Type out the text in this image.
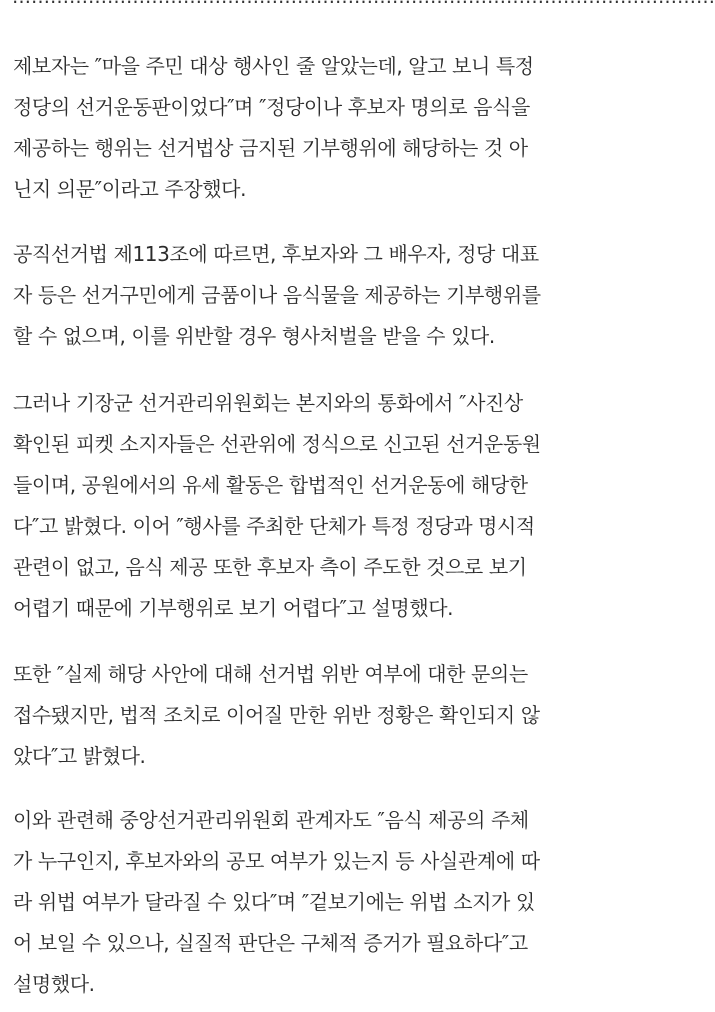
제보자는 ″마을 주민 대상 행사인 줄 알았는데, 알고 보니 특정
정당의 선거운동판이었다″며 ″정당이나 후보자 명의로 음식을
제공하는 행위는 선거법상 금지된 기부행위에 해당하는 것 아
닌지 의문″이라고 주장했다.
공직선거법 제113조에 따르면, 후보자와 그 배우자, 정당 대표
자 등은 선거구민에게 금품이나 음식물을 제공하는 기부행위를
할 수 없으며, 이를 위반할 경우 형사처벌을 받을 수 있다.
그러나 기장군 선거관리위원회는 본지와의 통화에서 ″사진상
확인된 피켓 소지자들은 선관위에 정식으로 신고된 선거운동원
들이며, 공원에서의 유세 활동은 합법적인 선거운동에 해당한
다″고 밝혔다. 이어 ″행사를 주최한 단체가 특정 정당과 명시적
관련이 없고, 음식 제공 또한 후보자 측이 주도한 것으로 보기
어렵기 때문에 기부행위로 보기 어렵다″고 설명했다.
또한 ″실제 해당 사안에 대해 선거법 위반 여부에 대한 문의는
접수됐지만, 법적 조치로 이어질 만한 위반 정황은 확인되지 않
았다″고 밝혔다.
이와 관련해 중앙선거관리위원회 관계자도 ″음식 제공의 주체
가 누구인지, 후보자와의 공모 여부가 있는지 등 사실관계에 따
라 위법 여부가 달라질 수 있다″며 ″겉보기에는 위법 소지가 있
어 보일 수 있으나, 실질적 판단은 구체적 증거가 필요하다″고
설명했다.
